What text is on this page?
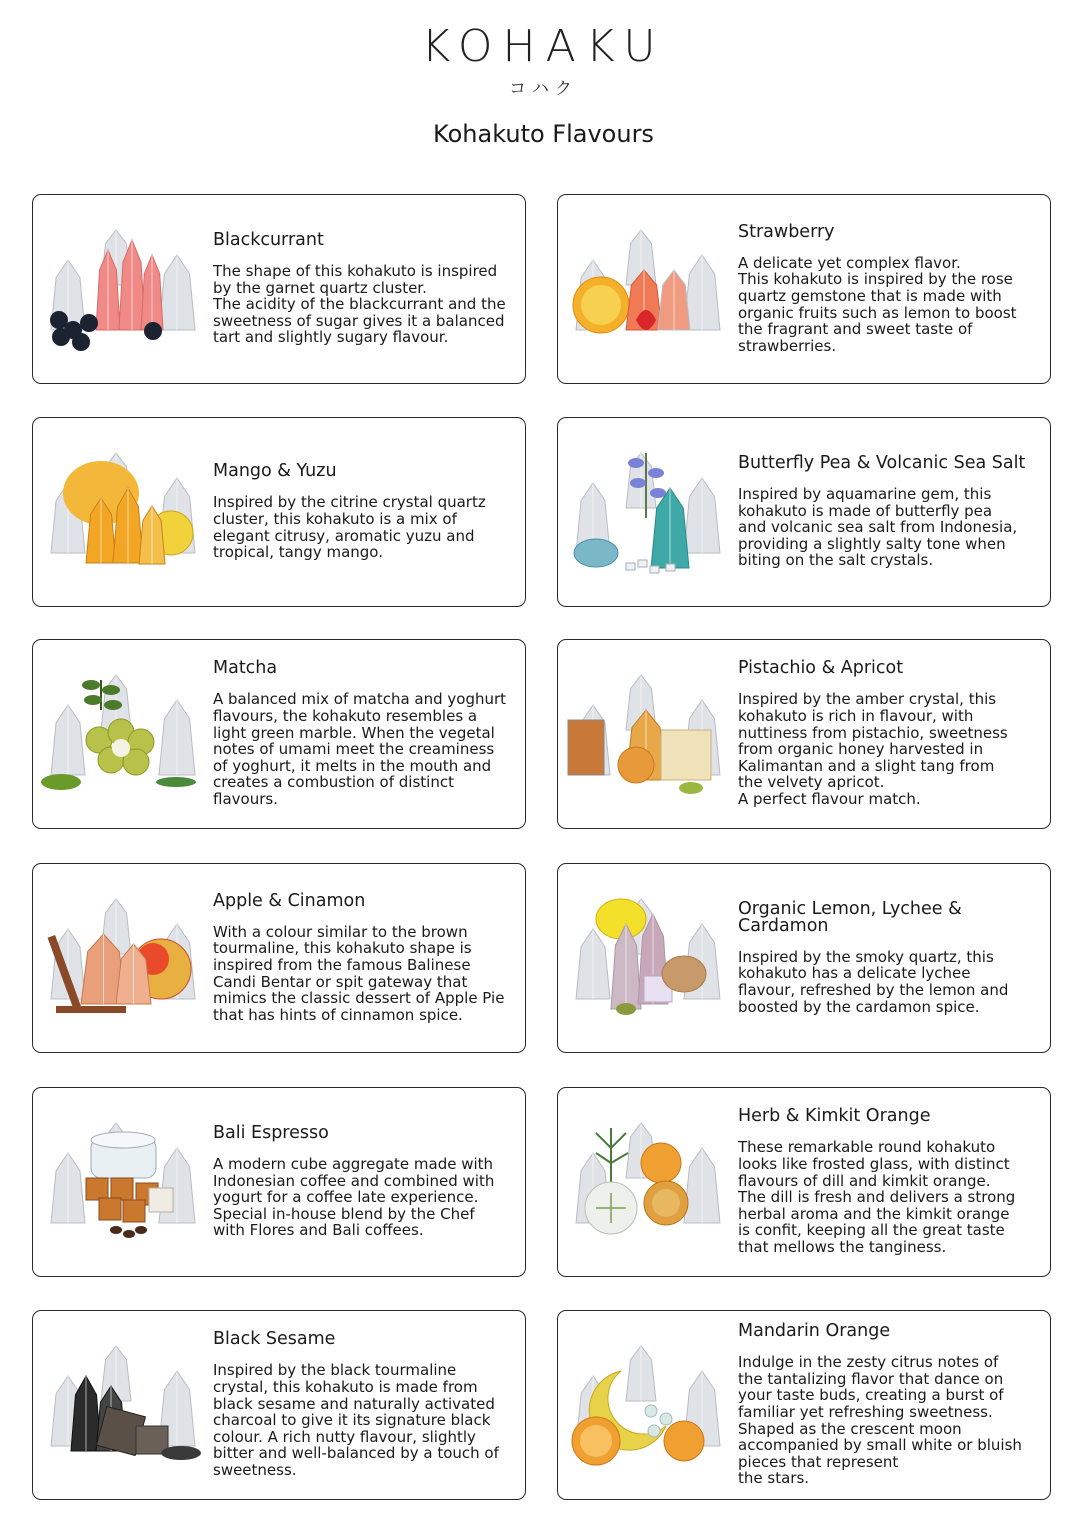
KOHAKU
コハク
Kohakuto Flavours
Blackcurrant
The shape of this kohakuto is inspired
by the garnet quartz cluster.
The acidity of the blackcurrant and the
sweetness of sugar gives it a balanced
tart and slightly sugary flavour.
Strawberry
A delicate yet complex flavor.
This kohakuto is inspired by the rose
quartz gemstone that is made with
organic fruits such as lemon to boost
the fragrant and sweet taste of
strawberries.
Mango & Yuzu
Inspired by the citrine crystal quartz
cluster, this kohakuto is a mix of
elegant citrusy, aromatic yuzu and
tropical, tangy mango.
Butterfly Pea & Volcanic Sea Salt
Inspired by aquamarine gem, this
kohakuto is made of butterfly pea
and volcanic sea salt from Indonesia,
providing a slightly salty tone when
biting on the salt crystals.
Matcha
A balanced mix of matcha and yoghurt
flavours, the kohakuto resembles a
light green marble. When the vegetal
notes of umami meet the creaminess
of yoghurt, it melts in the mouth and
creates a combustion of distinct
flavours.
Pistachio & Apricot
Inspired by the amber crystal, this
kohakuto is rich in flavour, with
nuttiness from pistachio, sweetness
from organic honey harvested in
Kalimantan and a slight tang from
the velvety apricot.
A perfect flavour match.
Apple & Cinamon
With a colour similar to the brown
tourmaline, this kohakuto shape is
inspired from the famous Balinese
Candi Bentar or spit gateway that
mimics the classic dessert of Apple Pie
that has hints of cinnamon spice.
Organic Lemon, Lychee &
Cardamon
Inspired by the smoky quartz, this
kohakuto has a delicate lychee
flavour, refreshed by the lemon and
boosted by the cardamon spice.
Bali Espresso
A modern cube aggregate made with
Indonesian coffee and combined with
yogurt for a coffee late experience.
Special in-house blend by the Chef
with Flores and Bali coffees.
Herb & Kimkit Orange
These remarkable round kohakuto
looks like frosted glass, with distinct
flavours of dill and kimkit orange.
The dill is fresh and delivers a strong
herbal aroma and the kimkit orange
is confit, keeping all the great taste
that mellows the tanginess.
Black Sesame
Inspired by the black tourmaline
crystal, this kohakuto is made from
black sesame and naturally activated
charcoal to give it its signature black
colour. A rich nutty flavour, slightly
bitter and well-balanced by a touch of
sweetness.
Mandarin Orange
Indulge in the zesty citrus notes of
the tantalizing flavor that dance on
your taste buds, creating a burst of
familiar yet refreshing sweetness.
Shaped as the crescent moon
accompanied by small white or bluish
pieces that represent
the stars.
